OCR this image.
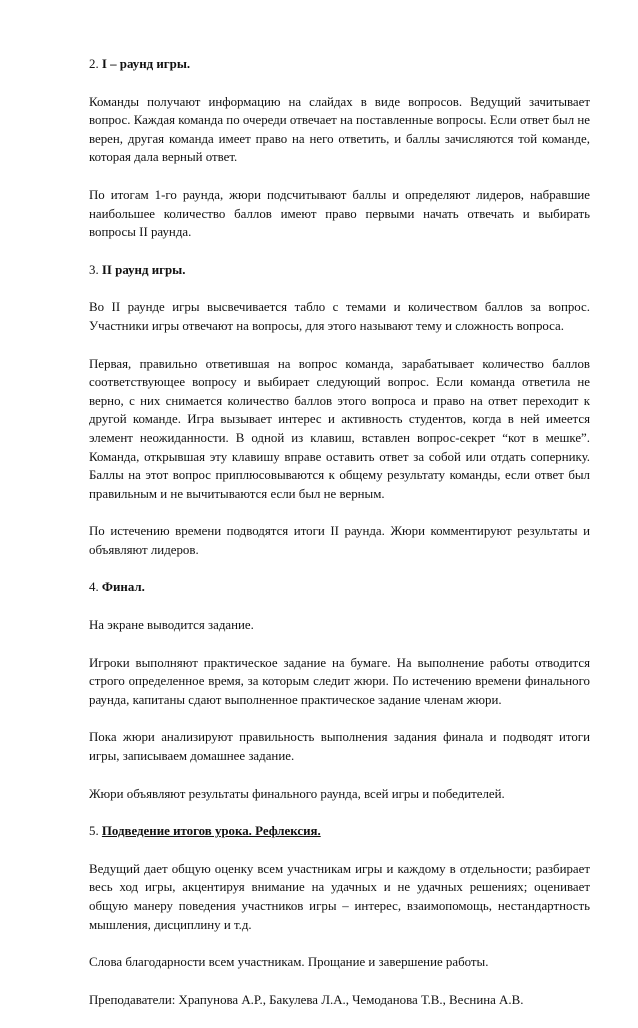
2. I – раунд игры.
Команды получают информацию на слайдах в виде вопросов. Ведущий зачитывает вопрос. Каждая команда по очереди отвечает на поставленные вопросы. Если ответ был не верен, другая команда имеет право на него ответить, и баллы зачисляются той команде, которая дала верный ответ.
По итогам 1-го раунда, жюри подсчитывают баллы и определяют лидеров, набравшие наибольшее количество баллов имеют право первыми начать отвечать и выбирать вопросы II раунда.
3. II раунд игры.
Во II раунде игры высвечивается табло с темами и количеством баллов за вопрос. Участники игры отвечают на вопросы, для этого называют тему и сложность вопроса.
Первая, правильно ответившая на вопрос команда, зарабатывает количество баллов соответствующее вопросу и выбирает следующий вопрос. Если команда ответила не верно, с них снимается количество баллов этого вопроса и право на ответ переходит к другой команде. Игра вызывает интерес и активность студентов, когда в ней имеется элемент неожиданности. В одной из клавиш, вставлен вопрос-секрет “кот в мешке”. Команда, открывшая эту клавишу вправе оставить ответ за собой или отдать сопернику. Баллы на этот вопрос приплюсовываются к общему результату команды, если ответ был правильным и не вычитываются если был не верным.
По истечению времени подводятся итоги II раунда. Жюри комментируют результаты и объявляют лидеров.
4. Финал.
На экране выводится задание.
Игроки выполняют практическое задание на бумаге. На выполнение работы отводится строго определенное время, за которым следит жюри. По истечению времени финального раунда, капитаны сдают выполненное практическое задание членам жюри.
Пока жюри анализируют правильность выполнения задания финала и подводят итоги игры, записываем домашнее задание.
Жюри объявляют результаты финального раунда, всей игры и победителей.
5. Подведение итогов урока. Рефлексия.
Ведущий дает общую оценку всем участникам игры и каждому в отдельности; разбирает весь ход игры, акцентируя внимание на удачных и не удачных решениях; оценивает общую манеру поведения участников игры – интерес, взаимопомощь, нестандартность мышления, дисциплину и т.д.
Слова благодарности всем участникам. Прощание и завершение работы.
Преподаватели: Храпунова А.Р., Бакулева Л.А., Чемоданова Т.В., Веснина А.В.
